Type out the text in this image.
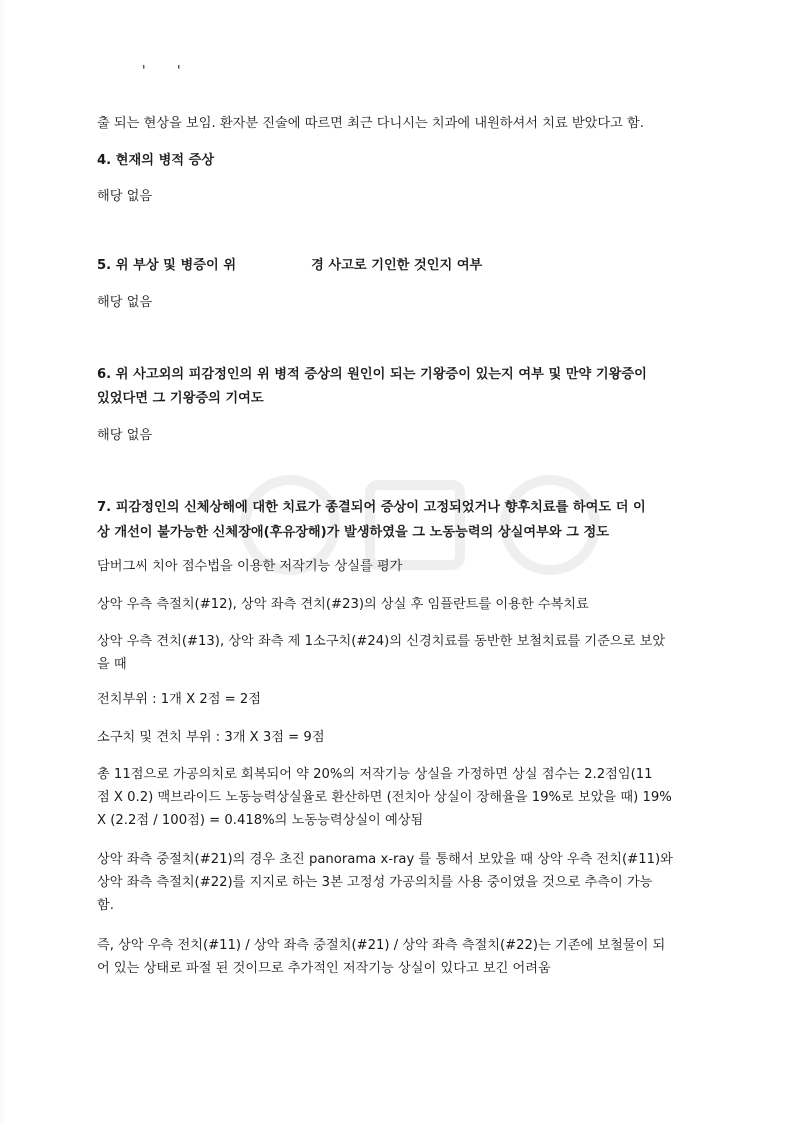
' '

출 되는 현상을 보임. 환자분 진술에 따르면 최근 다니시는 치과에 내원하셔서 치료 받았다고 함.

4. 현재의 병적 증상

해당 없음

5. 위 부상 및 병증이 위	경 사고로 기인한 것인지 여부

해당 없음

6. 위 사고외의 피감정인의 위 병적 증상의 원인이 되는 기왕증이 있는지 여부 및 만약 기왕증이

있었다면 그 기왕증의 기여도

해당 없음

7. 피감정인의 신체상해에 대한 치료가 종결되어 증상이 고정되었거나 향후치료를 하여도 더 이

상 개선이 불가능한 신체장애(후유장해)가 발생하였을 그 노동능력의 상실여부와 그 정도

담버그씨 치아 점수법을 이용한 저작기능 상실를 평가

상악 우측 측절치(#12), 상악 좌측 견치(#23)의 상실 후 임플란트를 이용한 수복치료

상악 우측 견치(#13), 상악 좌측 제 1소구치(#24)의 신경치료를 동반한 보철치료를 기준으로 보았

을 때

전치부위 : 1개 X 2점 = 2점

소구치 및 견치 부위 : 3개 X 3점 = 9점

총 11점으로 가공의치로 회복되어 약 20%의 저작기능 상실을 가정하면 상실 점수는 2.2점임(11

점 X 0.2) 맥브라이드 노동능력상실율로 환산하면 (전치아 상실이 장해율을 19%로 보았을 때) 19%

X (2.2점 / 100점) = 0.418%의 노동능력상실이 예상됨

상악 좌측 중절치(#21)의 경우 초진 panorama x-ray 를 통해서 보았을 때 상악 우측 전치(#11)와

상악 좌측 측절치(#22)를 지지로 하는 3본 고정성 가공의치를 사용 중이였을 것으로 추측이 가능

함.

즉, 상악 우측 전치(#11) / 상악 좌측 중절치(#21) / 상악 좌측 측절치(#22)는 기존에 보철물이 되

어 있는 상태로 파절 된 것이므로 추가적인 저작기능 상실이 있다고 보긴 어려움
